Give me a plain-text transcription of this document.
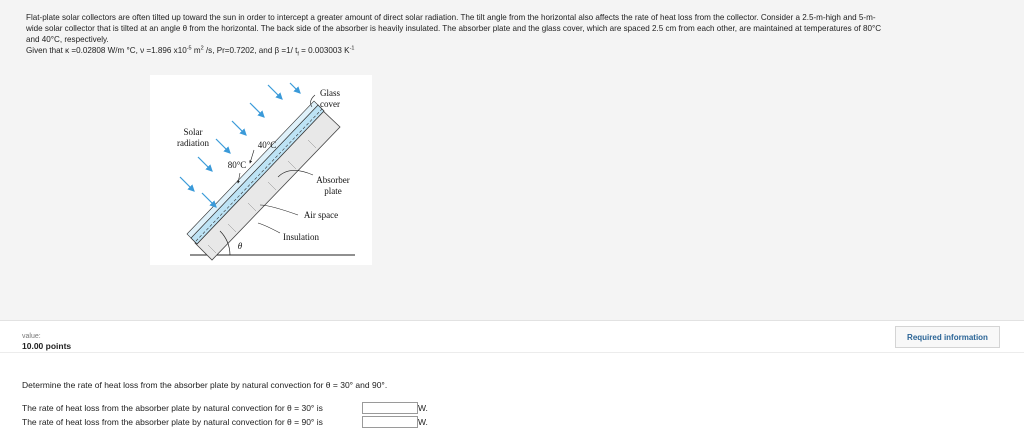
Flat-plate solar collectors are often tilted up toward the sun in order to intercept a greater amount of direct solar radiation. The tilt angle from the horizontal also affects the rate of heat loss from the collector. Consider a 2.5-m-high and 5-m-
wide solar collector that is tilted at an angle θ from the horizontal. The back side of the absorber is heavily insulated. The absorber plate and the glass cover, which are spaced 2.5 cm from each other, are maintained at temperatures of 80°C
and 40°C, respectively.
Given that κ =0.02808 W/m °C, ν =1.896 $x10^{-5}$ $m^2$ /s, Pr=0.7202, and β =1/ $t_f = 0.003003$ $K^{-1}$
Glass
cover
Solar
radiation	40°C
80°C
Absorber
plate
Air space
Insulation
θ
value:
10.00 points
Required information
Determine the rate of heat loss from the absorber plate by natural convection for θ = 30° and 90°.
The rate of heat loss from the absorber plate by natural convection for θ = 30° is	W.
The rate of heat loss from the absorber plate by natural convection for θ = 90° is	W.
